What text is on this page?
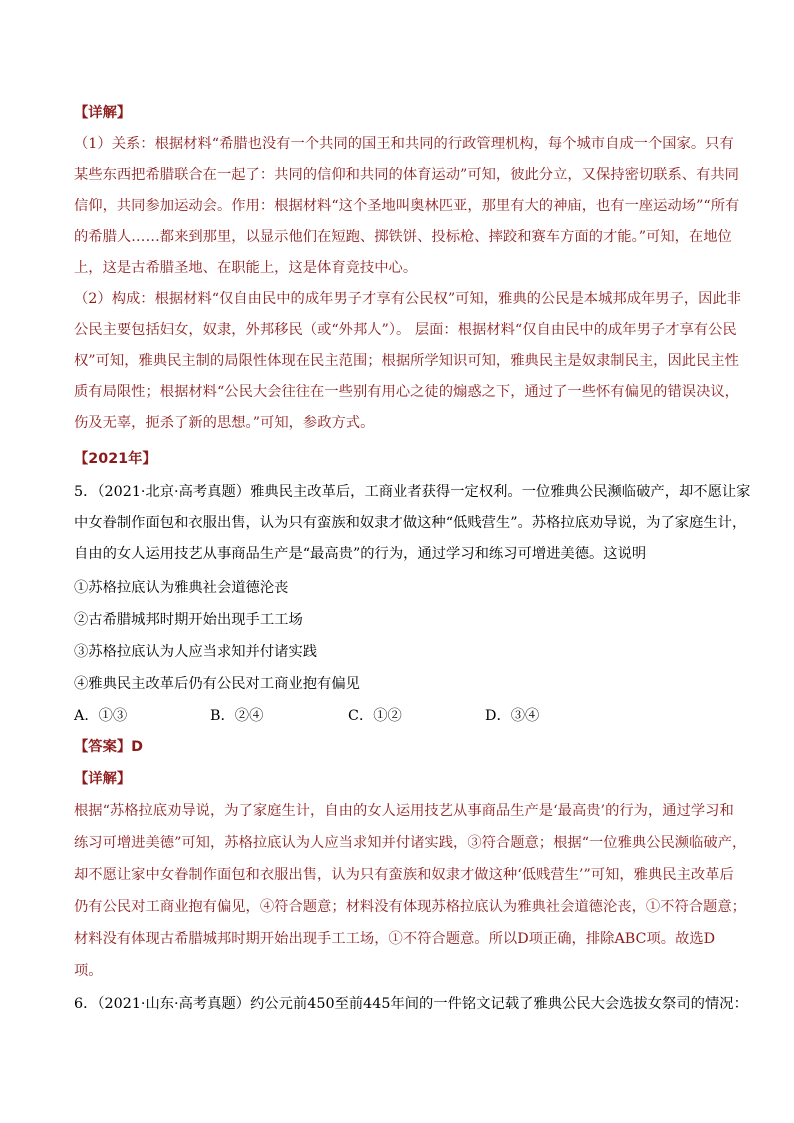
【详解】
（1）关系：根据材料“希腊也没有一个共同的国王和共同的行政管理机构，每个城市自成一个国家。只有
某些东西把希腊联合在一起了：共同的信仰和共同的体育运动”可知，彼此分立，又保持密切联系、有共同
信仰，共同参加运动会。作用：根据材料“这个圣地叫奥林匹亚，那里有大的神庙，也有一座运动场”“所有
的希腊人……都来到那里，以显示他们在短跑、掷铁饼、投标枪、摔跤和赛车方面的才能。”可知，在地位
上，这是古希腊圣地、在职能上，这是体育竞技中心。
（2）构成：根据材料“仅自由民中的成年男子才享有公民权”可知，雅典的公民是本城邦成年男子，因此非
公民主要包括妇女，奴隶，外邦移民（或“外邦人”）。 层面：根据材料“仅自由民中的成年男子才享有公民
权”可知，雅典民主制的局限性体现在民主范围；根据所学知识可知，雅典民主是奴隶制民主，因此民主性
质有局限性；根据材料“公民大会往往在一些别有用心之徒的煽惑之下，通过了一些怀有偏见的错误决议，
伤及无辜，扼杀了新的思想。”可知，参政方式。
【2021年】
5．（2021·北京·高考真题）雅典民主改革后，工商业者获得一定权利。一位雅典公民濒临破产，却不愿让家
中女眷制作面包和衣服出售，认为只有蛮族和奴隶才做这种“低贱营生”。苏格拉底劝导说，为了家庭生计，
自由的女人运用技艺从事商品生产是“最高贵”的行为，通过学习和练习可增进美德。这说明
①苏格拉底认为雅典社会道德沦丧
②古希腊城邦时期开始出现手工工场
③苏格拉底认为人应当求知并付诸实践
④雅典民主改革后仍有公民对工商业抱有偏见
A．①③	B．②④	C．①②	D．③④
【答案】D
【详解】
根据“苏格拉底劝导说，为了家庭生计，自由的女人运用技艺从事商品生产是‘最高贵’的行为，通过学习和
练习可增进美德”可知，苏格拉底认为人应当求知并付诸实践，③符合题意；根据“一位雅典公民濒临破产，
却不愿让家中女眷制作面包和衣服出售，认为只有蛮族和奴隶才做这种‘低贱营生’”可知，雅典民主改革后
仍有公民对工商业抱有偏见，④符合题意；材料没有体现苏格拉底认为雅典社会道德沦丧，①不符合题意；
材料没有体现古希腊城邦时期开始出现手工工场，①不符合题意。所以D项正确，排除ABC项。故选D
项。
6．（2021·山东·高考真题）约公元前450至前445年间的一件铭文记载了雅典公民大会选拔女祭司的情况：
